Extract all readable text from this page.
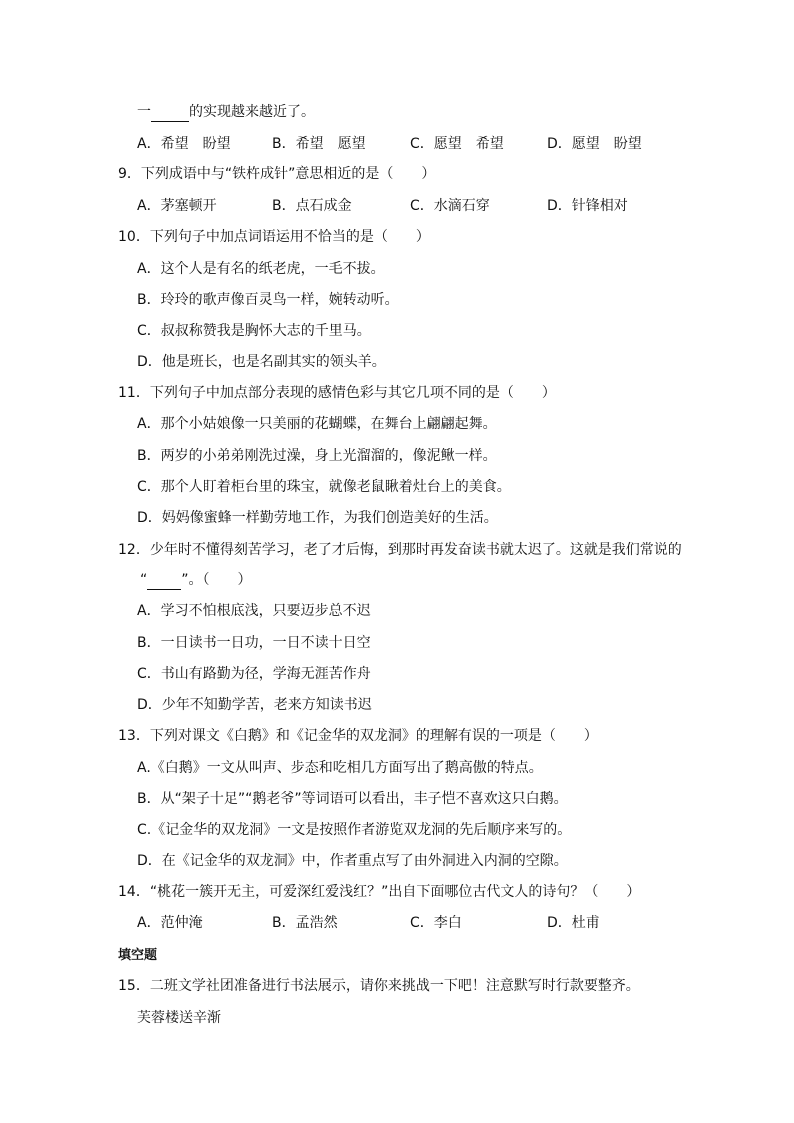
一	的实现越来越近了。
A．希望　盼望	B．希望　愿望	C．愿望　希望	D．愿望　盼望
9．下列成语中与“铁杵成针”意思相近的是（　　）
A．茅塞顿开	B．点石成金	C．水滴石穿	D．针锋相对
10．下列句子中加点词语运用不恰当的是（　　）
A．这个人是有名的纸老虎，一毛不拔。
B．玲玲的歌声像百灵鸟一样，婉转动听。
C．叔叔称赞我是胸怀大志的千里马。
D．他是班长，也是名副其实的领头羊。
11．下列句子中加点部分表现的感情色彩与其它几项不同的是（　　）
A．那个小姑娘像一只美丽的花蝴蝶，在舞台上翩翩起舞。
B．两岁的小弟弟刚洗过澡，身上光溜溜的，像泥鳅一样。
C．那个人盯着柜台里的珠宝，就像老鼠瞅着灶台上的美食。
D．妈妈像蜜蜂一样勤劳地工作，为我们创造美好的生活。
12．少年时不懂得刻苦学习，老了才后悔，到那时再发奋读书就太迟了。这就是我们常说的
“ ”。（　　）
A．学习不怕根底浅，只要迈步总不迟
B．一日读书一日功，一日不读十日空
C．书山有路勤为径，学海无涯苦作舟
D．少年不知勤学苦，老来方知读书迟
13．下列对课文《白鹅》和《记金华的双龙洞》的理解有误的一项是（　　）
A.《白鹅》一文从叫声、步态和吃相几方面写出了鹅高傲的特点。
B．从“架子十足”“鹅老爷”等词语可以看出，丰子恺不喜欢这只白鹅。
C.《记金华的双龙洞》一文是按照作者游览双龙洞的先后顺序来写的。
D．在《记金华的双龙洞》中，作者重点写了由外洞进入内洞的空隙。
14．“桃花一簇开无主，可爱深红爱浅红？”出自下面哪位古代文人的诗句？（　　）
A．范仲淹	B．孟浩然	C．李白	D．杜甫
填空题
15．二班文学社团准备进行书法展示，请你来挑战一下吧！注意默写时行款要整齐。
芙蓉楼送辛渐
